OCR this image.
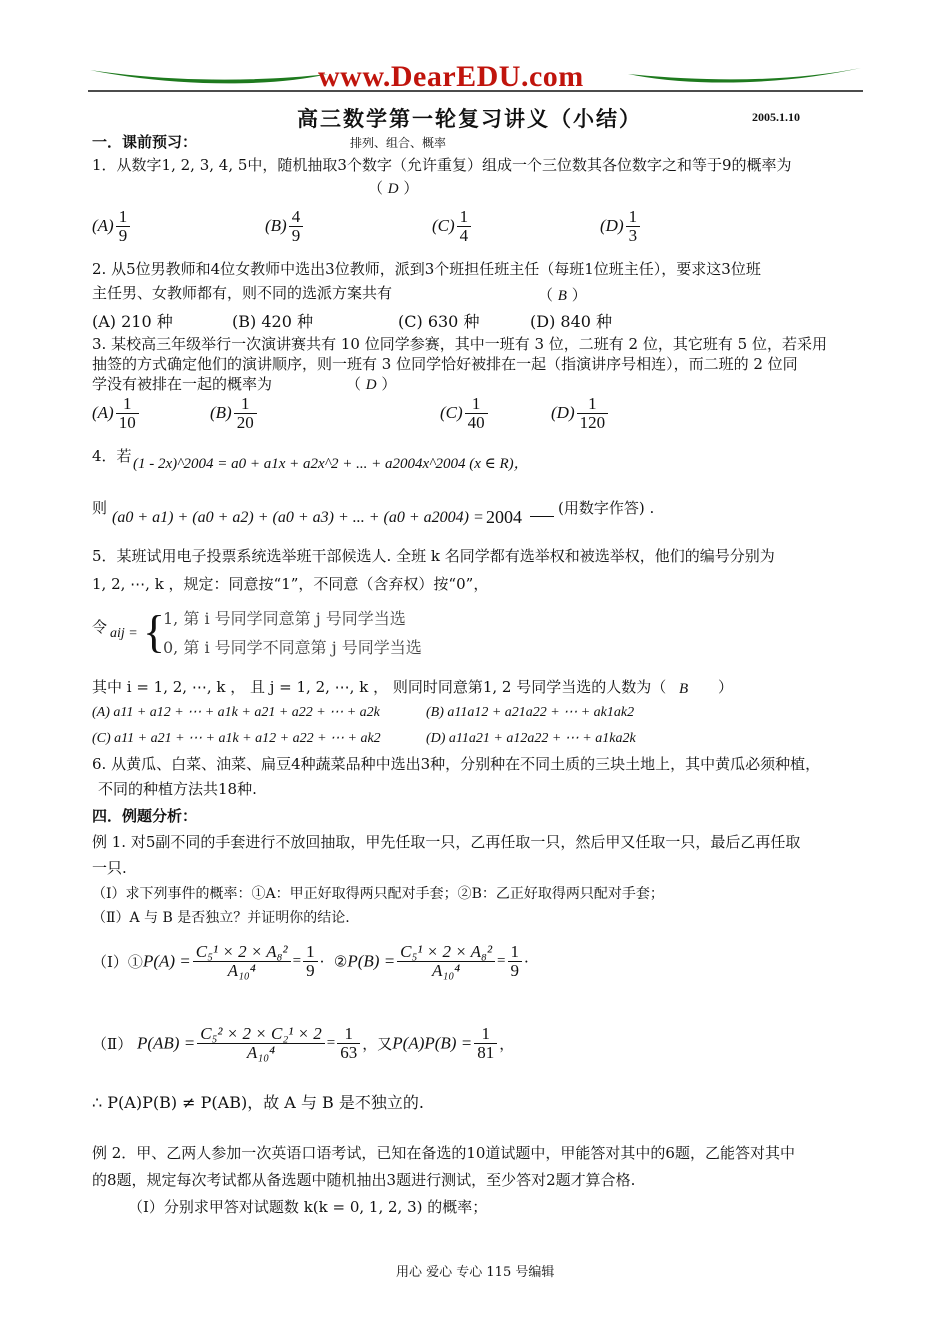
www.DearEDU.com
高三数学第一轮复习讲义（小结）	2005.1.10
一．课前预习：	排列、组合、概率
1．从数字1, 2, 3, 4, 5中，随机抽取3个数字（允许重复）组成一个三位数其各位数字之和等于9的概率为
（ D ）
$(A) \frac{1}{9}$	$(B) \frac{4}{9}$	$(C) \frac{1}{4}$	$(D) \frac{1}{3}$
2. 从5位男教师和4位女教师中选出3位教师，派到3个班担任班主任（每班1位班主任），要求这3位班
主任男、女教师都有，则不同的选派方案共有	（ B ）
(A) 210 种	(B) 420 种	(C) 630 种	(D) 840 种
3. 某校高三年级举行一次演讲赛共有 10 位同学参赛，其中一班有 3 位，二班有 2 位，其它班有 5 位，若采用
抽签的方式确定他们的演讲顺序，则一班有 3 位同学恰好被排在一起（指演讲序号相连），而二班的 2 位同
学没有被排在一起的概率为	（ D ）
$(A) \frac{1}{10}$	$(B) \frac{1}{20}$	$(C) \frac{1}{40}$	$(D) \frac{1}{120}$
4．若 (1 - 2x)^2004 = a0 + a1x + a2x^2 + ... + a2004x^2004 (x ∈ R)，
则
(a0 + a1) + (a0 + a2) + (a0 + a3) + ... + (a0 + a2004) = 2004 (用数字作答) .
5．某班试用电子投票系统选举班干部候选人. 全班 k 名同学都有选举权和被选举权，他们的编号分别为
1, 2, ⋯, k ，规定：同意按“1”，不同意（含弃权）按“0”，
令 aij = {
1, 第 i 号同学同意第 j 号同学当选
0, 第 i 号同学不同意第 j 号同学当选
其中 i = 1, 2, ⋯, k ， 且 j = 1, 2, ⋯, k ， 则同时同意第1, 2 号同学当选的人数为（ B ）
(A) a11 + a12 + ⋯ + a1k + a21 + a22 + ⋯ + a2k	(B) a11a12 + a21a22 + ⋯ + ak1ak2
(C) a11 + a21 + ⋯ + a1k + a12 + a22 + ⋯ + ak2	(D) a11a21 + a12a22 + ⋯ + a1ka2k
6. 从黄瓜、白菜、油菜、扁豆4种蔬菜品种中选出3种，分别种在不同土质的三块土地上，其中黄瓜必须种植，
不同的种植方法共18种.
四．例题分析：
例 1. 对5副不同的手套进行不放回抽取，甲先任取一只，乙再任取一只，然后甲又任取一只，最后乙再任取
一只.
（Ⅰ）求下列事件的概率：①A：甲正好取得两只配对手套；②B：乙正好取得两只配对手套；
（Ⅱ）A 与 B 是否独立？并证明你的结论.
（Ⅰ）①P(A) = $\frac{\text{C₅¹ × 2 × A₈²}}{\text{A₁₀⁴}} = \frac{1}{9}$ ·  ②P(B) = $\frac{\text{C₅¹ × 2 × A₈²}}{\text{A₁₀⁴}} = \frac{1}{9}$ ·
（Ⅱ） $P(AB) = \frac{\text{C₅² × 2 × C₂¹ × 2}}{\text{A₁₀⁴}} = \frac{1}{63}$ ，又$P(A)P(B) = \frac{1}{81}$ ，
∴ P(A)P(B) ≠ P(AB)，故 A 与 B 是不独立的.
例 2．甲、乙两人参加一次英语口语考试，已知在备选的10道试题中，甲能答对其中的6题，乙能答对其中
的8题，规定每次考试都从备选题中随机抽出3题进行测试，至少答对2题才算合格.
（Ⅰ）分别求甲答对试题数 k(k = 0, 1, 2, 3) 的概率；
用心 爱心 专心 115 号编辑
